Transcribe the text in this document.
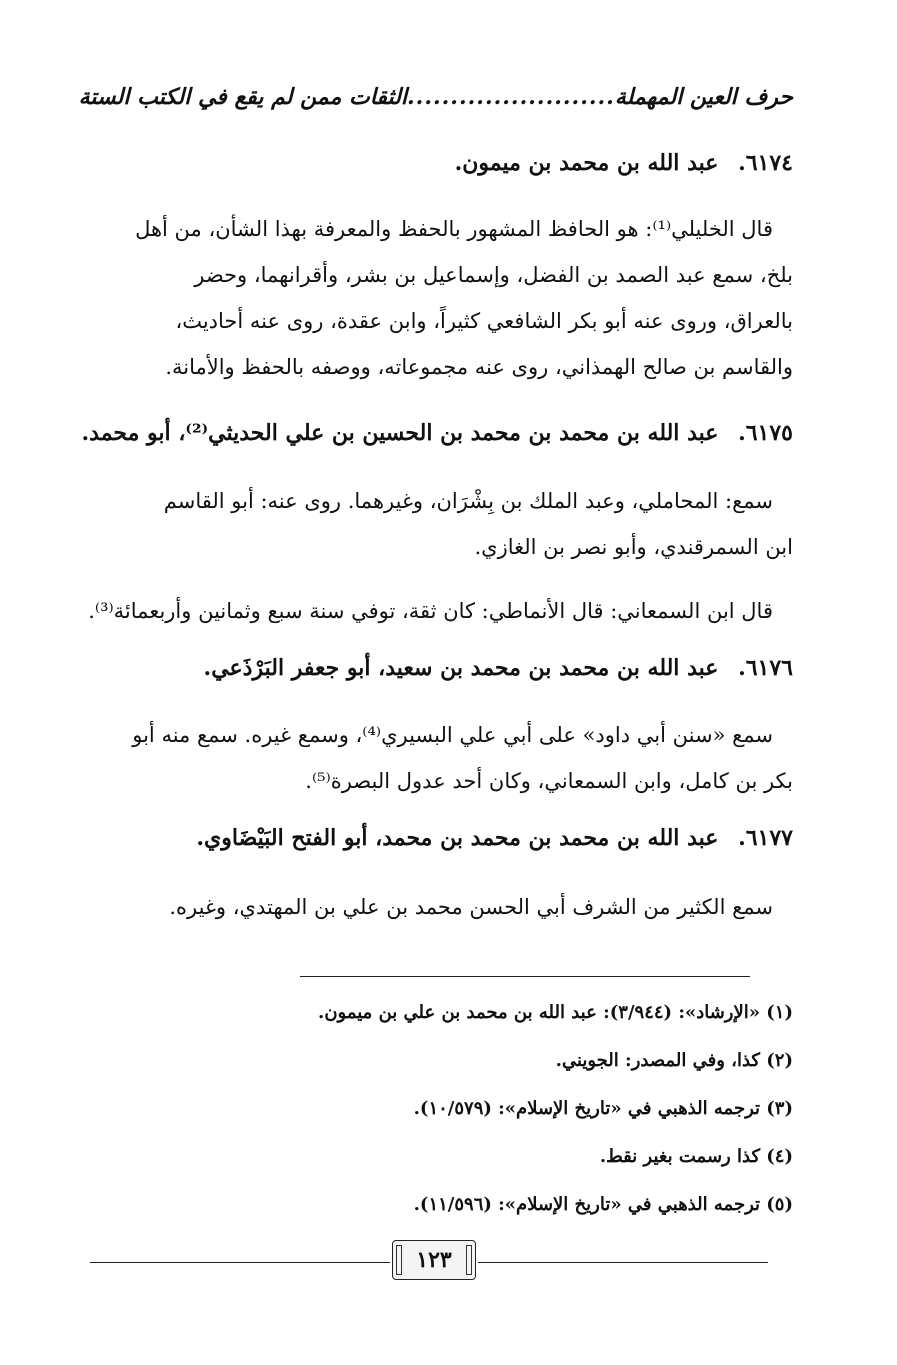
حرف العين المهملة
........................
الثقات ممن لم يقع في الكتب الستة
٦١٧٤. عبد الله بن محمد بن ميمون.
قال الخليلي⁽¹⁾: هو الحافظ المشهور بالحفظ والمعرفة بهذا الشأن، من أهل
بلخ، سمع عبد الصمد بن الفضل، وإسماعيل بن بشر، وأقرانهما، وحضر
بالعراق، وروى عنه أبو بكر الشافعي كثيراً، وابن عقدة، روى عنه أحاديث،
والقاسم بن صالح الهمذاني، روى عنه مجموعاته، ووصفه بالحفظ والأمانة.
٦١٧٥. عبد الله بن محمد بن محمد بن الحسين بن علي الحديثي⁽²⁾، أبو محمد.
سمع: المحاملي، وعبد الملك بن بِشْرَان، وغيرهما. روى عنه: أبو القاسم
ابن السمرقندي، وأبو نصر بن الغازي.
قال ابن السمعاني: قال الأنماطي: كان ثقة، توفي سنة سبع وثمانين وأربعمائة⁽³⁾.
٦١٧٦. عبد الله بن محمد بن محمد بن سعيد، أبو جعفر البَرْذَعي.
سمع «سنن أبي داود» على أبي علي البسيري⁽⁴⁾، وسمع غيره. سمع منه أبو
بكر بن كامل، وابن السمعاني، وكان أحد عدول البصرة⁽⁵⁾.
٦١٧٧. عبد الله بن محمد بن محمد بن محمد، أبو الفتح البَيْضَاوي.
سمع الكثير من الشرف أبي الحسن محمد بن علي بن المهتدي، وغيره.
(١) «الإرشاد»: (٣/٩٤٤): عبد الله بن محمد بن علي بن ميمون.
(٢) كذا، وفي المصدر: الجويني.
(٣) ترجمه الذهبي في «تاريخ الإسلام»: (١٠/٥٧٩).
(٤) كذا رسمت بغير نقط.
(٥) ترجمه الذهبي في «تاريخ الإسلام»: (١١/٥٩٦).
١٢٣
